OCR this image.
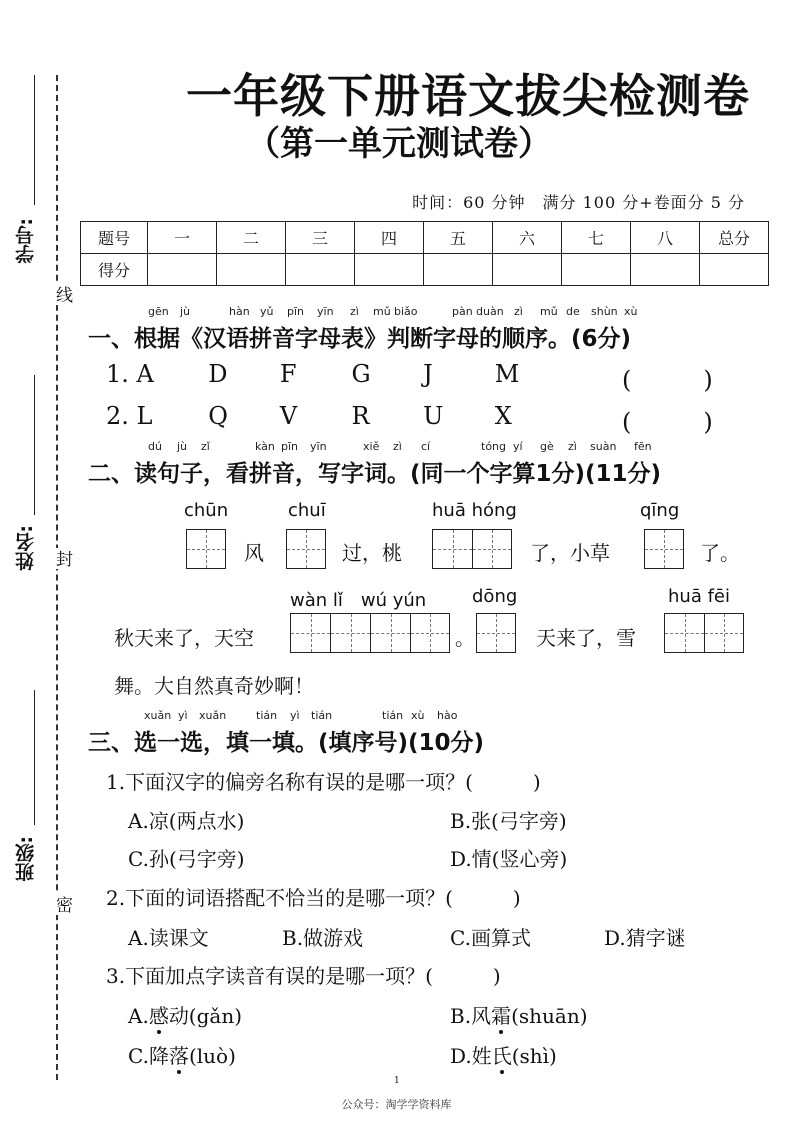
学号:
姓名:
班级:
线
封
密
一年级下册语文拔尖检测卷
（第一单元测试卷）
时间：60 分钟　满分 100 分+卷面分 5 分
题号	一	二	三	四	五	六	七	八	总分
得分									
gēn jù	hàn yǔ pīn yīn zì mǔ biǎo	pàn duàn zì mǔ de shùn xù
一、根据《汉语拼音字母表》判断字母的顺序。(6分)
1. A D F G J	M	(　　　)
2. L Q V R U X	(　　　)
dú jù zǐ	kàn pīn yīn	xiě zì cí	tóng yí gè zì suàn fēn
二、读句子，看拼音，写字词。(同一个字算1分)(11分)
chūn	chuī	huā hóng	qīng
风	过，桃	了，小草	了。
wàn lǐ　wú yún	dōng	huā fēi
秋天来了，天空	。	天来了，雪
舞。大自然真奇妙啊！
xuǎn yì xuǎn	tián yì tián	tián xù hào
三、选一选，填一填。(填序号)(10分)
1.下面汉字的偏旁名称有误的是哪一项？(　　　)
A.凉(两点水)	B.张(弓字旁)
C.孙(弓字旁)	D.情(竖心旁)
2.下面的词语搭配不恰当的是哪一项？(　　　)
A.读课文	B.做游戏	C.画算式	D.猜字谜
3.下面加点字读音有误的是哪一项？(　　　)
A.感动(gǎn)	B.风霜(shuān)
C.降落(luò)	D.姓氏(shì)
1
公众号：淘学学资料库
